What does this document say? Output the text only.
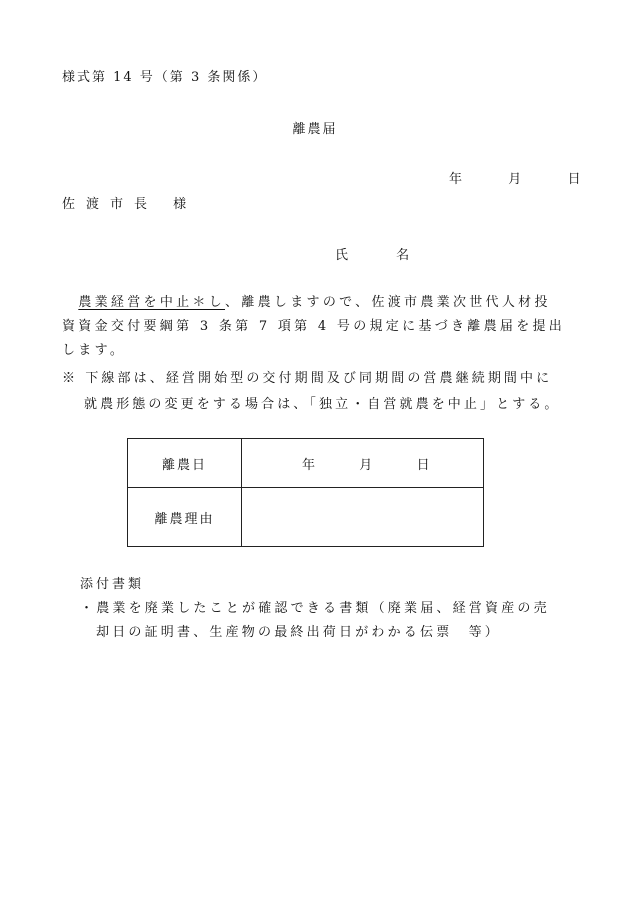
様式第 14 号（第 3 条関係）
離農届
年	月	日
佐渡市長 様
氏 名
　農業経営を中止＊し、離農しますので、佐渡市農業次世代人材投
資資金交付要綱第 3 条第 7 項第 4 号の規定に基づき離農届を提出
します。
※ 下線部は、経営開始型の交付期間及び同期間の営農継続期間中に
就農形態の変更をする場合は、「独立・自営就農を中止」とする。
離農日	年 月 日
離農理由	
添付書類
・農業を廃業したことが確認できる書類（廃業届、経営資産の売
却日の証明書、生産物の最終出荷日がわかる伝票　等）
